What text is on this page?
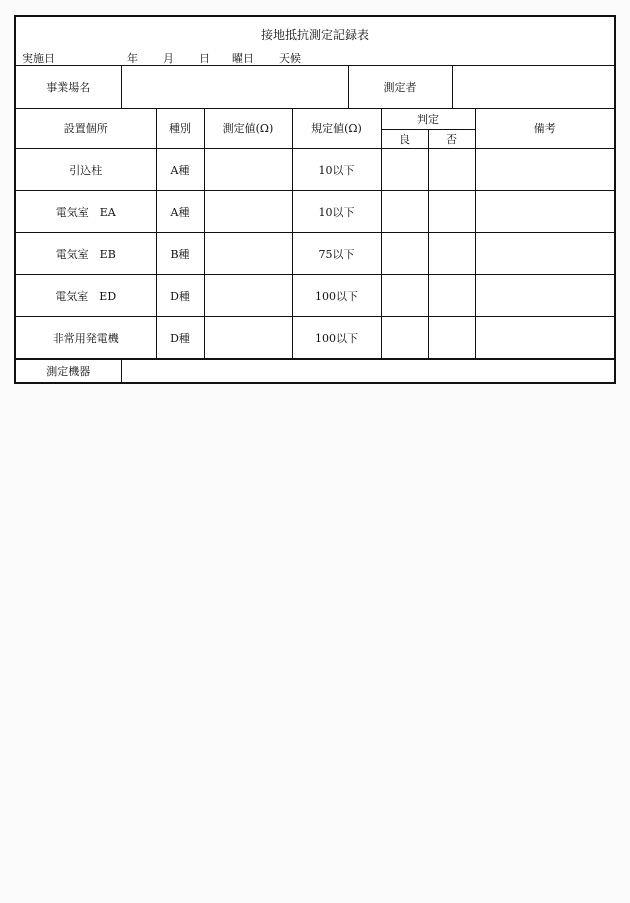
接地抵抗測定記録表
実施日	年 月 日 曜日 天候
事業場名		測定者	
設置個所	種別	測定値(Ω)	規定値(Ω)	判定		備考
				良	否	
引込柱	A種		10以下			
電気室　EA	A種		10以下			
電気室　EB	B種		75以下			
電気室　ED	D種		100以下			
非常用発電機	D種		100以下			
測定機器	
